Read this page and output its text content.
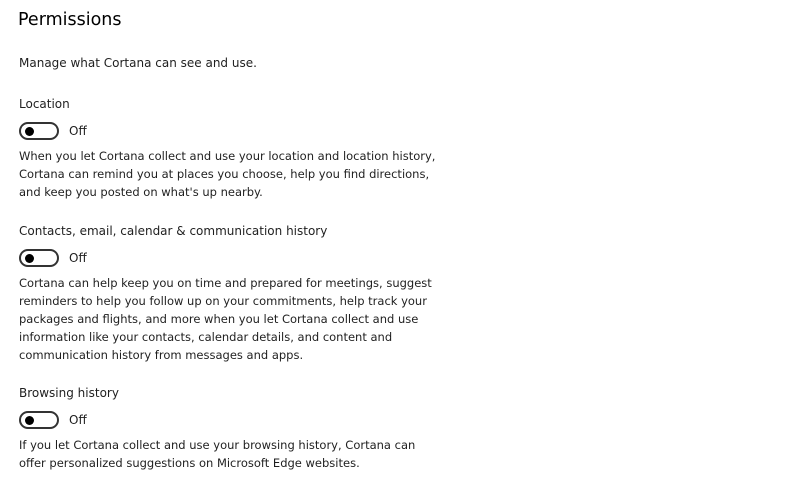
Permissions
Manage what Cortana can see and use.
Location
Off
When you let Cortana collect and use your location and location history,
Cortana can remind you at places you choose, help you find directions,
and keep you posted on what's up nearby.
Contacts, email, calendar & communication history
Off
Cortana can help keep you on time and prepared for meetings, suggest
reminders to help you follow up on your commitments, help track your
packages and flights, and more when you let Cortana collect and use
information like your contacts, calendar details, and content and
communication history from messages and apps.
Browsing history
Off
If you let Cortana collect and use your browsing history, Cortana can
offer personalized suggestions on Microsoft Edge websites.
